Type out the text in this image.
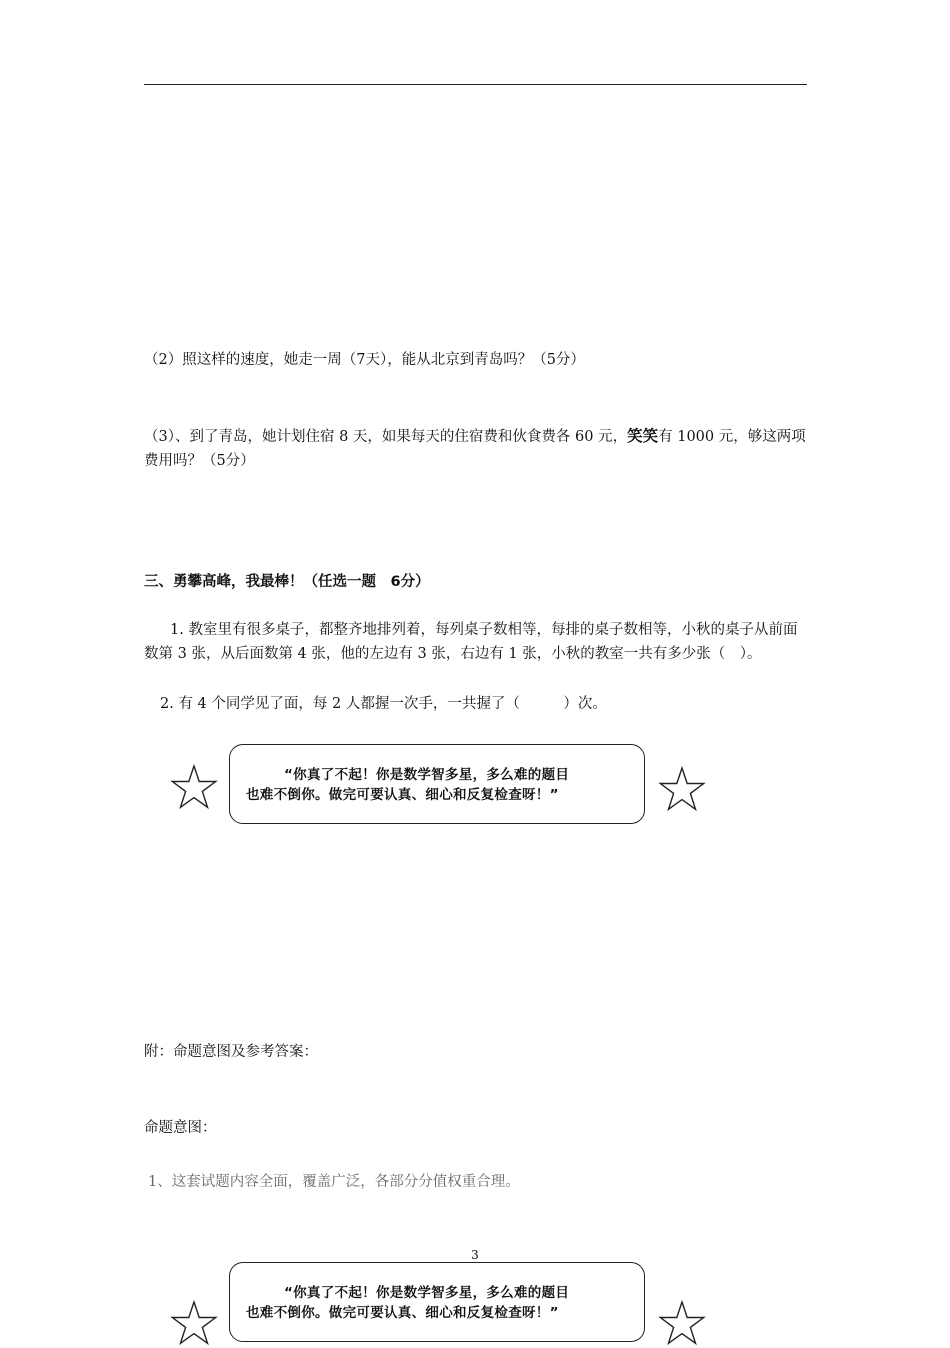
（2）照这样的速度，她走一周（7天），能从北京到青岛吗？（5分）
（3）、到了青岛，她计划住宿 8 天，如果每天的住宿费和伙食费各 60 元，笑笑有 1000 元，够这两项费用吗？（5分）
三、勇攀高峰，我最棒！（任选一题　6分）
1. 教室里有很多桌子，都整齐地排列着，每列桌子数相等，每排的桌子数相等，小秋的桌子从前面数第 3 张，从后面数第 4 张，他的左边有 3 张，右边有 1 张，小秋的教室一共有多少张（　）。
2. 有 4 个同学见了面，每 2 人都握一次手，一共握了（　　　）次。
“你真了不起！你是数学智多星，多么难的题目
也难不倒你。做完可要认真、细心和反复检查呀！”
附：命题意图及参考答案：
命题意图：
1、这套试题内容全面，覆盖广泛，各部分分值权重合理。
3
“你真了不起！你是数学智多星，多么难的题目
也难不倒你。做完可要认真、细心和反复检查呀！”
